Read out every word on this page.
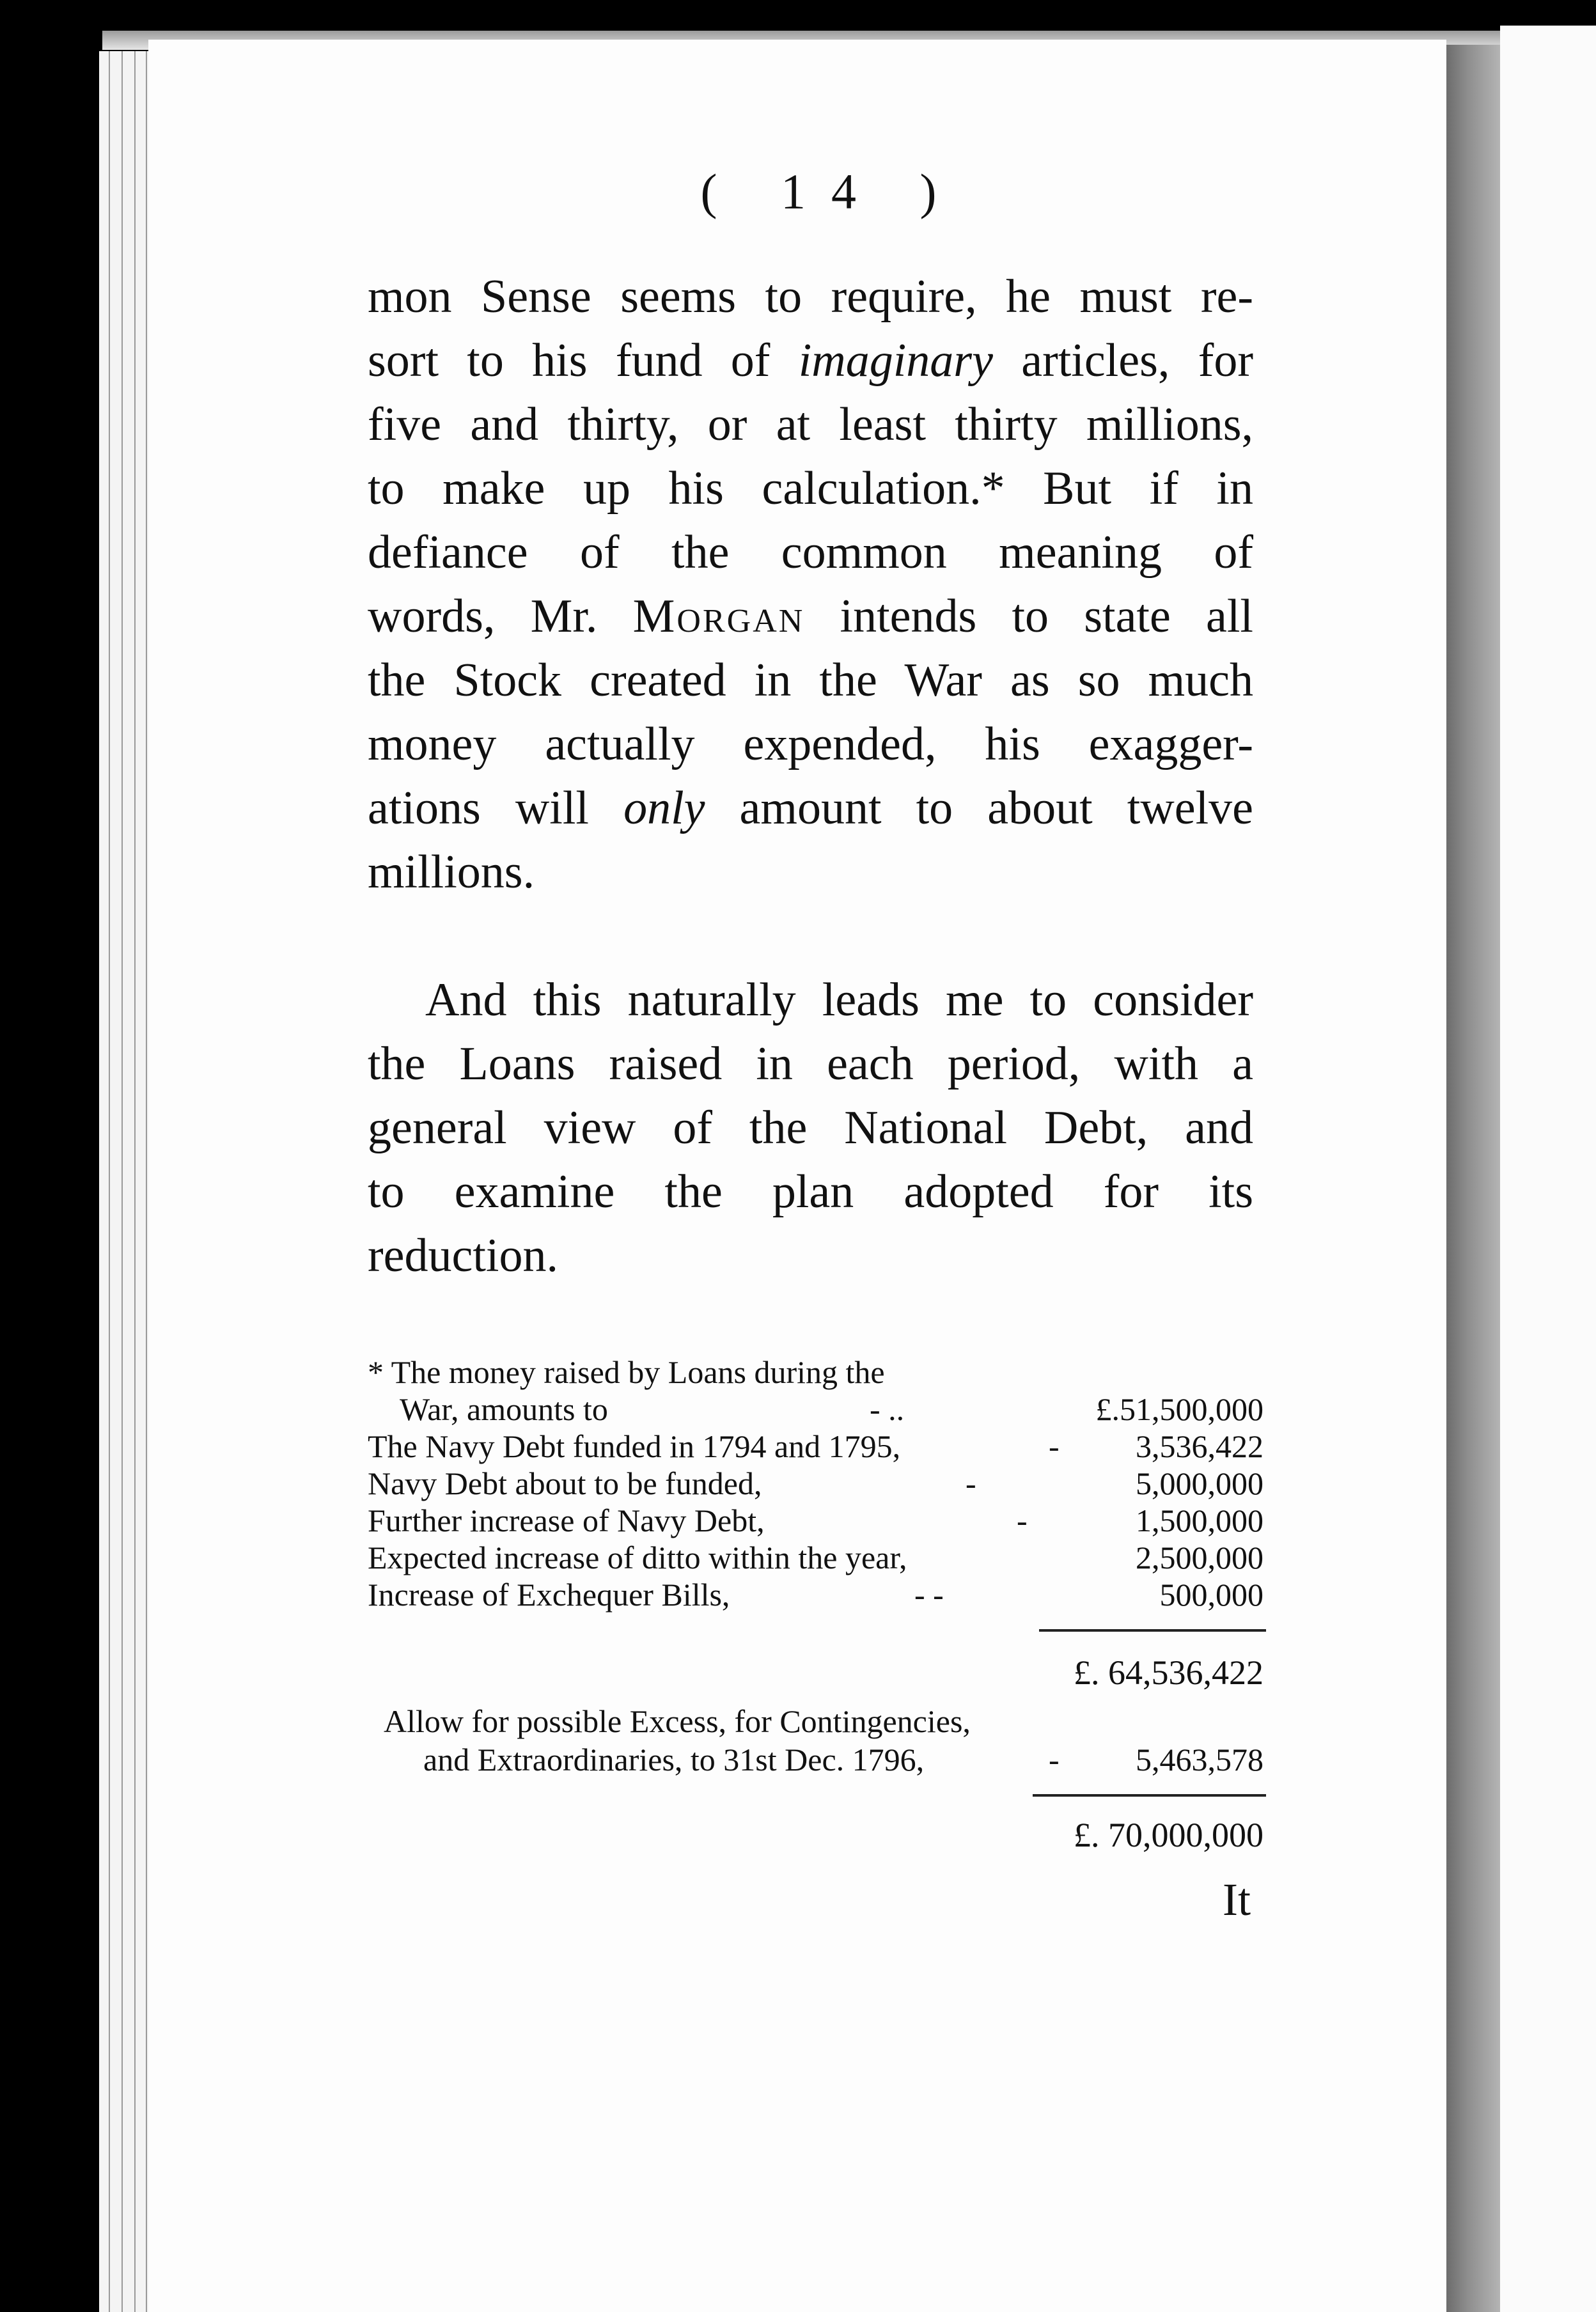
( 14 )
mon Sense seems to require, he must re-
sort to his fund of imaginary articles, for
five and thirty, or at least thirty millions,
to make up his calculation.* But if in
defiance of the common meaning of
words, Mr. Morgan intends to state all
the Stock created in the War as so much
money actually expended, his exagger-
ations will only amount to about twelve
millions.
And this naturally leads me to consider
the Loans raised in each period, with a
general view of the National Debt, and
to examine the plan adopted for its
reduction.
* The money raised by Loans during the
War, amounts to	- ..	£.51,500,000
The Navy Debt funded in 1794 and 1795,	- 3,536,422
Navy Debt about to be funded,	-	5,000,000
Further increase of Navy Debt,	-	1,500,000
Expected increase of ditto within the year,	2,500,000
Increase of Exchequer Bills,	- -	500,000
£. 64,536,422
Allow for possible Excess, for Contingencies,
and Extraordinaries, to 31st Dec. 1796,	- 5,463,578
£. 70,000,000
It
